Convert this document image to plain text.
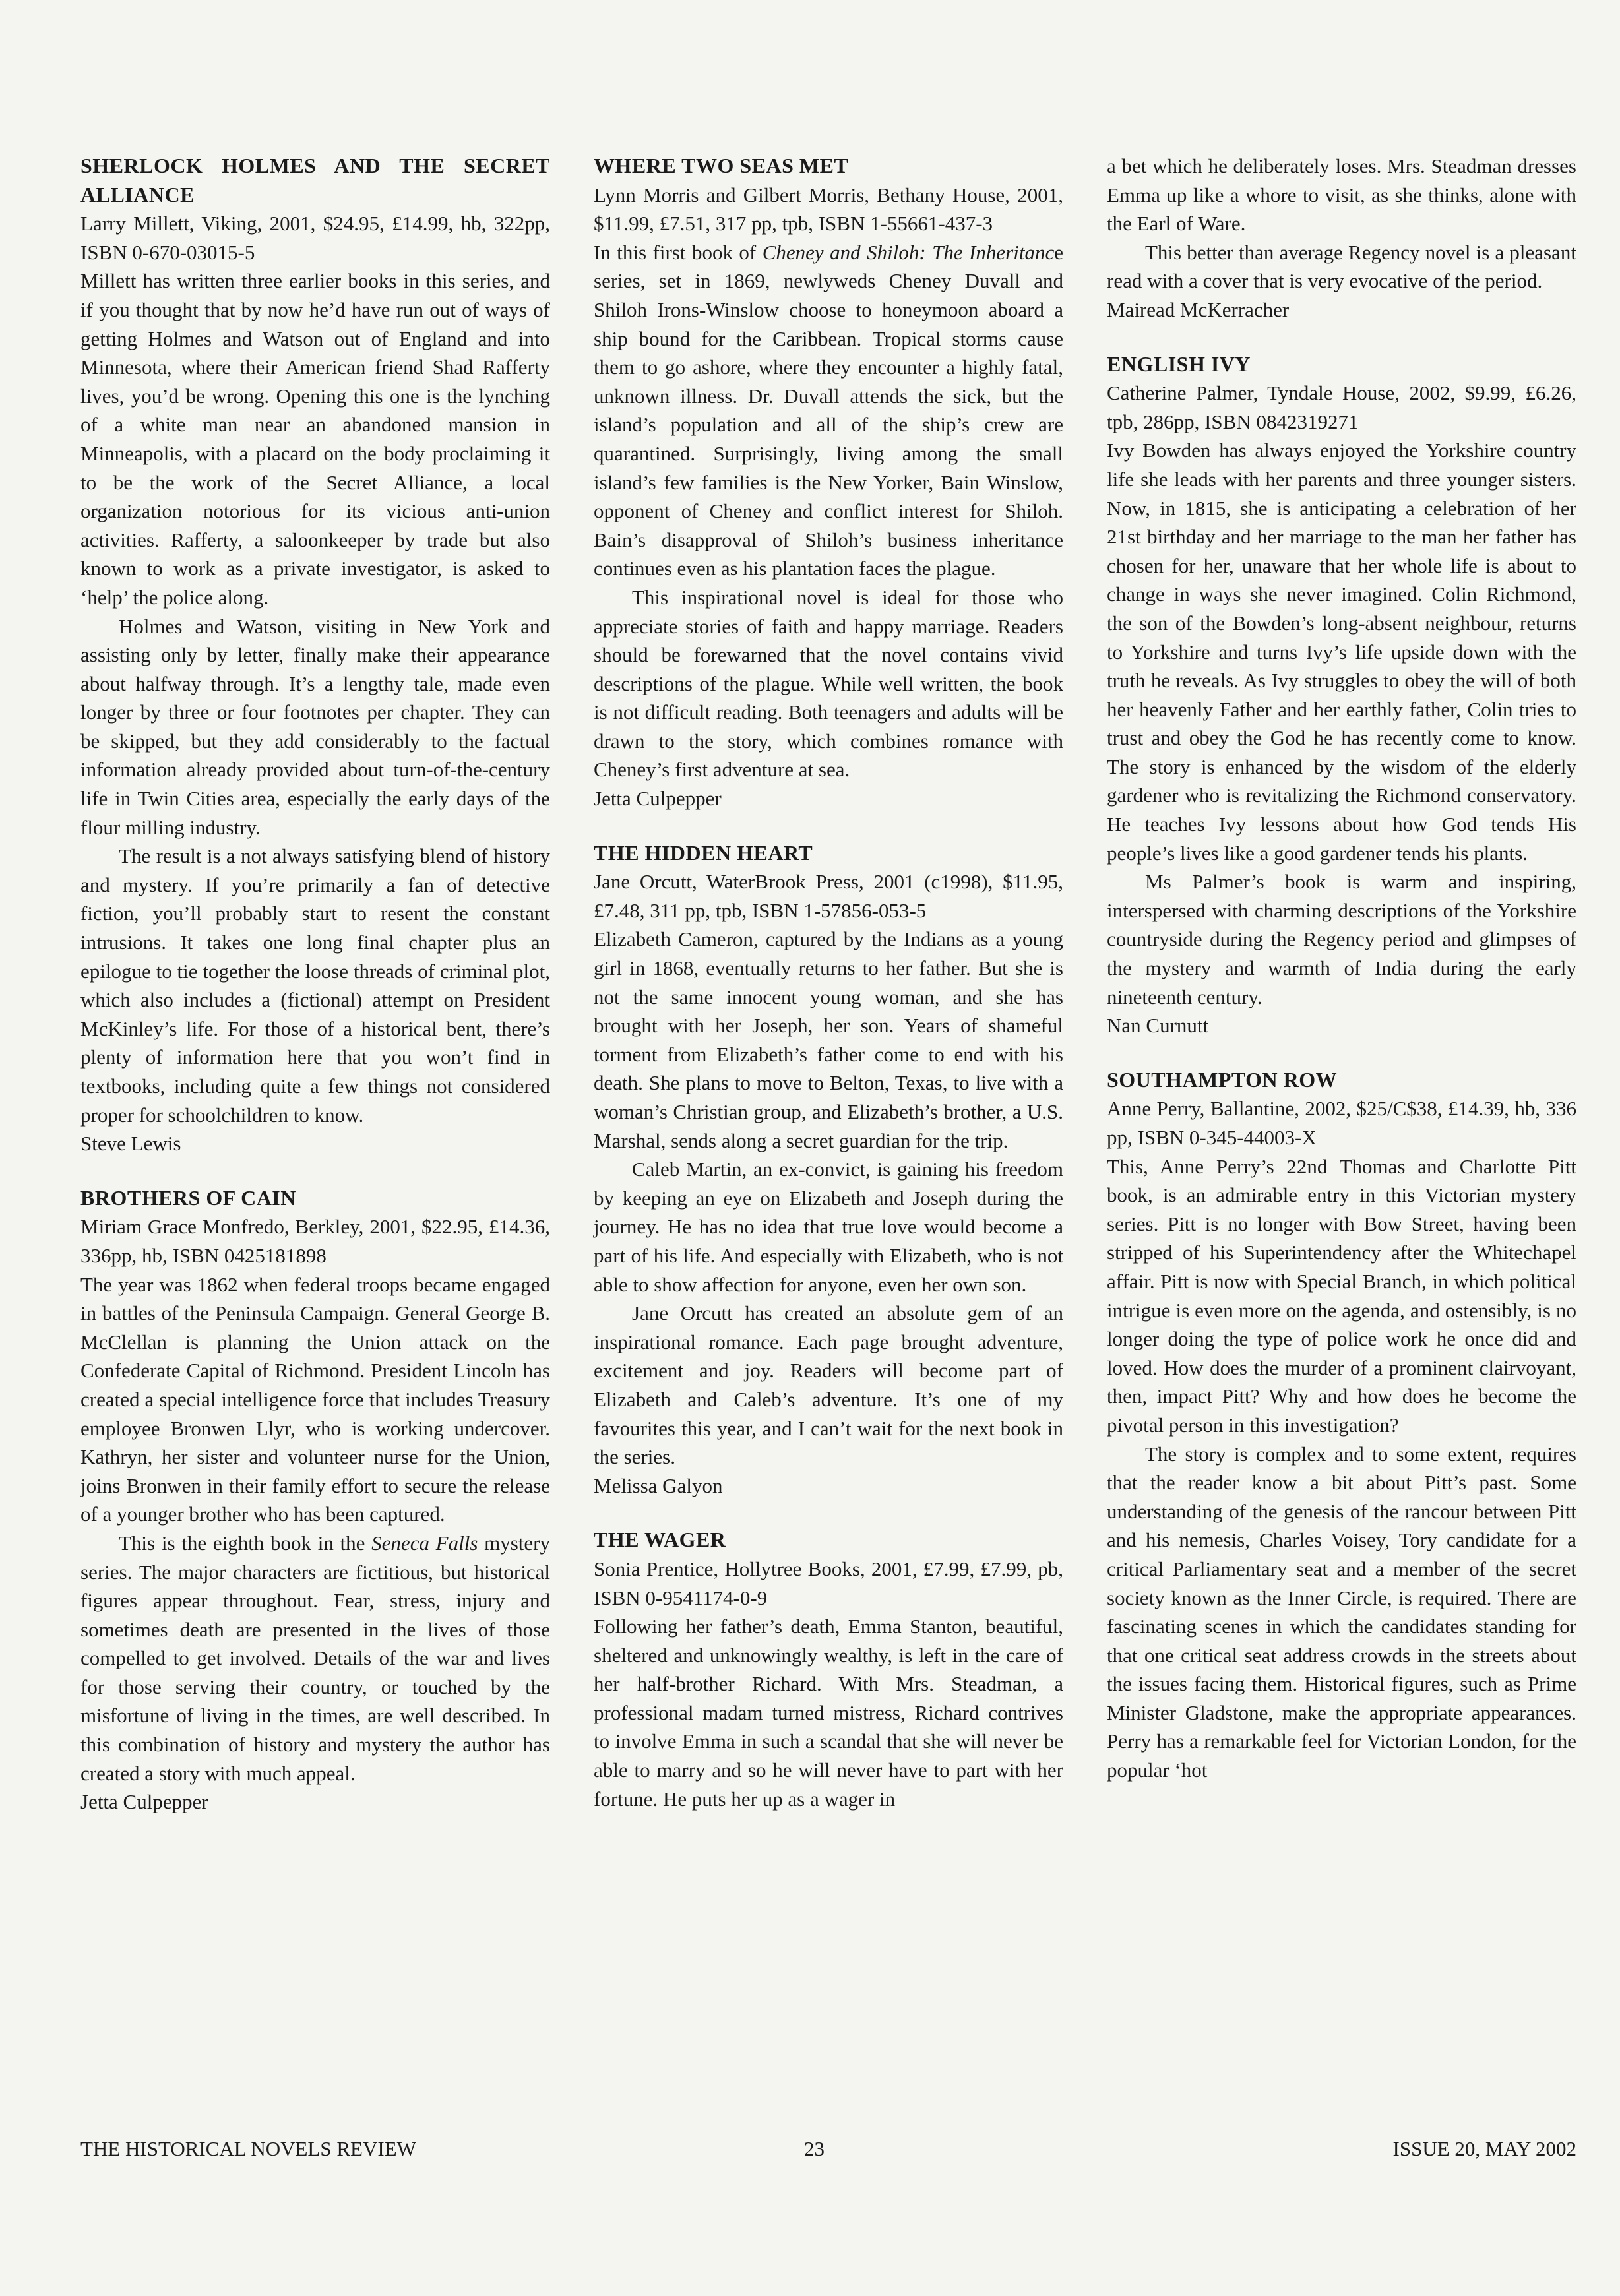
SHERLOCK HOLMES AND THE SECRET ALLIANCE

Larry Millett, Viking, 2001, $24.95, £14.99, hb, 322pp, ISBN 0-670-03015-5

Millett has written three earlier books in this series, and if you thought that by now he’d have run out of ways of getting Holmes and Watson out of England and into Minnesota, where their American friend Shad Rafferty lives, you’d be wrong. Opening this one is the lynching of a white man near an abandoned mansion in Minneapolis, with a placard on the body proclaiming it to be the work of the Secret Alliance, a local organization notorious for its vicious anti-union activities. Rafferty, a saloonkeeper by trade but also known to work as a private investigator, is asked to ‘help’ the police along.

Holmes and Watson, visiting in New York and assisting only by letter, finally make their appearance about halfway through. It’s a lengthy tale, made even longer by three or four footnotes per chapter. They can be skipped, but they add considerably to the factual information already provided about turn-of-the-century life in Twin Cities area, especially the early days of the flour milling industry.

The result is a not always satisfying blend of history and mystery. If you’re primarily a fan of detective fiction, you’ll probably start to resent the constant intrusions. It takes one long final chapter plus an epilogue to tie together the loose threads of criminal plot, which also includes a (fictional) attempt on President McKinley’s life. For those of a historical bent, there’s plenty of information here that you won’t find in textbooks, including quite a few things not considered proper for schoolchildren to know.

Steve Lewis

BROTHERS OF CAIN

Miriam Grace Monfredo, Berkley, 2001, $22.95, £14.36, 336pp, hb, ISBN 0425181898

The year was 1862 when federal troops became engaged in battles of the Peninsula Campaign. General George B. McClellan is planning the Union attack on the Confederate Capital of Richmond. President Lincoln has created a special intelligence force that includes Treasury employee Bronwen Llyr, who is working undercover. Kathryn, her sister and volunteer nurse for the Union, joins Bronwen in their family effort to secure the release of a younger brother who has been captured.

This is the eighth book in the Seneca Falls mystery series. The major characters are fictitious, but historical figures appear throughout. Fear, stress, injury and sometimes death are presented in the lives of those compelled to get involved. Details of the war and lives for those serving their country, or touched by the misfortune of living in the times, are well described. In this combination of history and mystery the author has created a story with much appeal.

Jetta Culpepper

WHERE TWO SEAS MET

Lynn Morris and Gilbert Morris, Bethany House, 2001, $11.99, £7.51, 317 pp, tpb, ISBN 1-55661-437-3

In this first book of Cheney and Shiloh: The Inheritance series, set in 1869, newlyweds Cheney Duvall and Shiloh Irons-Winslow choose to honeymoon aboard a ship bound for the Caribbean. Tropical storms cause them to go ashore, where they encounter a highly fatal, unknown illness. Dr. Duvall attends the sick, but the island’s population and all of the ship’s crew are quarantined. Surprisingly, living among the small island’s few families is the New Yorker, Bain Winslow, opponent of Cheney and conflict interest for Shiloh. Bain’s disapproval of Shiloh’s business inheritance continues even as his plantation faces the plague.

This inspirational novel is ideal for those who appreciate stories of faith and happy marriage. Readers should be forewarned that the novel contains vivid descriptions of the plague. While well written, the book is not difficult reading. Both teenagers and adults will be drawn to the story, which combines romance with Cheney’s first adventure at sea.

Jetta Culpepper

THE HIDDEN HEART

Jane Orcutt, WaterBrook Press, 2001 (c1998), $11.95, £7.48, 311 pp, tpb, ISBN 1-57856-053-5

Elizabeth Cameron, captured by the Indians as a young girl in 1868, eventually returns to her father. But she is not the same innocent young woman, and she has brought with her Joseph, her son. Years of shameful torment from Elizabeth’s father come to end with his death. She plans to move to Belton, Texas, to live with a woman’s Christian group, and Elizabeth’s brother, a U.S. Marshal, sends along a secret guardian for the trip.

Caleb Martin, an ex-convict, is gaining his freedom by keeping an eye on Elizabeth and Joseph during the journey. He has no idea that true love would become a part of his life. And especially with Elizabeth, who is not able to show affection for anyone, even her own son.

Jane Orcutt has created an absolute gem of an inspirational romance. Each page brought adventure, excitement and joy. Readers will become part of Elizabeth and Caleb’s adventure. It’s one of my favourites this year, and I can’t wait for the next book in the series.

Melissa Galyon

THE WAGER

Sonia Prentice, Hollytree Books, 2001, £7.99, £7.99, pb, ISBN 0-9541174-0-9

Following her father’s death, Emma Stanton, beautiful, sheltered and unknowingly wealthy, is left in the care of her half-brother Richard. With Mrs. Steadman, a professional madam turned mistress, Richard contrives to involve Emma in such a scandal that she will never be able to marry and so he will never have to part with her fortune. He puts her up as a wager in

a bet which he deliberately loses. Mrs. Steadman dresses Emma up like a whore to visit, as she thinks, alone with the Earl of Ware.

This better than average Regency novel is a pleasant read with a cover that is very evocative of the period.

Mairead McKerracher

ENGLISH IVY

Catherine Palmer, Tyndale House, 2002, $9.99, £6.26, tpb, 286pp, ISBN 0842319271

Ivy Bowden has always enjoyed the Yorkshire country life she leads with her parents and three younger sisters. Now, in 1815, she is anticipating a celebration of her 21st birthday and her marriage to the man her father has chosen for her, unaware that her whole life is about to change in ways she never imagined. Colin Richmond, the son of the Bowden’s long-absent neighbour, returns to Yorkshire and turns Ivy’s life upside down with the truth he reveals. As Ivy struggles to obey the will of both her heavenly Father and her earthly father, Colin tries to trust and obey the God he has recently come to know. The story is enhanced by the wisdom of the elderly gardener who is revitalizing the Richmond conservatory. He teaches Ivy lessons about how God tends His people’s lives like a good gardener tends his plants.

Ms Palmer’s book is warm and inspiring, interspersed with charming descriptions of the Yorkshire countryside during the Regency period and glimpses of the mystery and warmth of India during the early nineteenth century.

Nan Curnutt

SOUTHAMPTON ROW

Anne Perry, Ballantine, 2002, $25/C$38, £14.39, hb, 336 pp, ISBN 0-345-44003-X

This, Anne Perry’s 22nd Thomas and Charlotte Pitt book, is an admirable entry in this Victorian mystery series. Pitt is no longer with Bow Street, having been stripped of his Superintendency after the Whitechapel affair. Pitt is now with Special Branch, in which political intrigue is even more on the agenda, and ostensibly, is no longer doing the type of police work he once did and loved. How does the murder of a prominent clairvoyant, then, impact Pitt? Why and how does he become the pivotal person in this investigation?

The story is complex and to some extent, requires that the reader know a bit about Pitt’s past. Some understanding of the genesis of the rancour between Pitt and his nemesis, Charles Voisey, Tory candidate for a critical Parliamentary seat and a member of the secret society known as the Inner Circle, is required. There are fascinating scenes in which the candidates standing for that one critical seat address crowds in the streets about the issues facing them. Historical figures, such as Prime Minister Gladstone, make the appropriate appearances. Perry has a remarkable feel for Victorian London, for the popular ‘hot

THE HISTORICAL NOVELS REVIEW	23	ISSUE 20, MAY 2002
